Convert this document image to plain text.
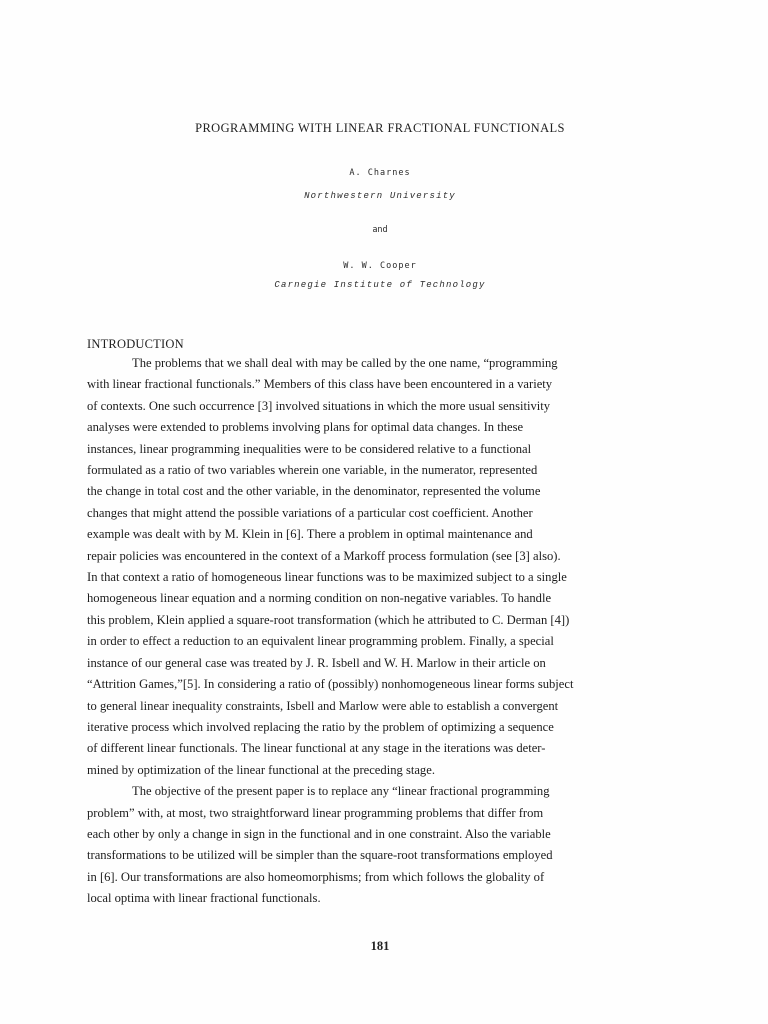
PROGRAMMING WITH LINEAR FRACTIONAL FUNCTIONALS
A. Charnes
Northwestern University
and
W. W. Cooper
Carnegie Institute of Technology
INTRODUCTION
The problems that we shall deal with may be called by the one name, “programming
with linear fractional functionals.” Members of this class have been encountered in a variety
of contexts. One such occurrence [3] involved situations in which the more usual sensitivity
analyses were extended to problems involving plans for optimal data changes. In these
instances, linear programming inequalities were to be considered relative to a functional
formulated as a ratio of two variables wherein one variable, in the numerator, represented
the change in total cost and the other variable, in the denominator, represented the volume
changes that might attend the possible variations of a particular cost coefficient. Another
example was dealt with by M. Klein in [6]. There a problem in optimal maintenance and
repair policies was encountered in the context of a Markoff process formulation (see [3] also).
In that context a ratio of homogeneous linear functions was to be maximized subject to a single
homogeneous linear equation and a norming condition on non-negative variables. To handle
this problem, Klein applied a square-root transformation (which he attributed to C. Derman [4])
in order to effect a reduction to an equivalent linear programming problem. Finally, a special
instance of our general case was treated by J. R. Isbell and W. H. Marlow in their article on
“Attrition Games,”[5]. In considering a ratio of (possibly) nonhomogeneous linear forms subject
to general linear inequality constraints, Isbell and Marlow were able to establish a convergent
iterative process which involved replacing the ratio by the problem of optimizing a sequence
of different linear functionals. The linear functional at any stage in the iterations was deter-
mined by optimization of the linear functional at the preceding stage.
The objective of the present paper is to replace any “linear fractional programming
problem” with, at most, two straightforward linear programming problems that differ from
each other by only a change in sign in the functional and in one constraint. Also the variable
transformations to be utilized will be simpler than the square-root transformations employed
in [6]. Our transformations are also homeomorphisms; from which follows the globality of
local optima with linear fractional functionals.
181
